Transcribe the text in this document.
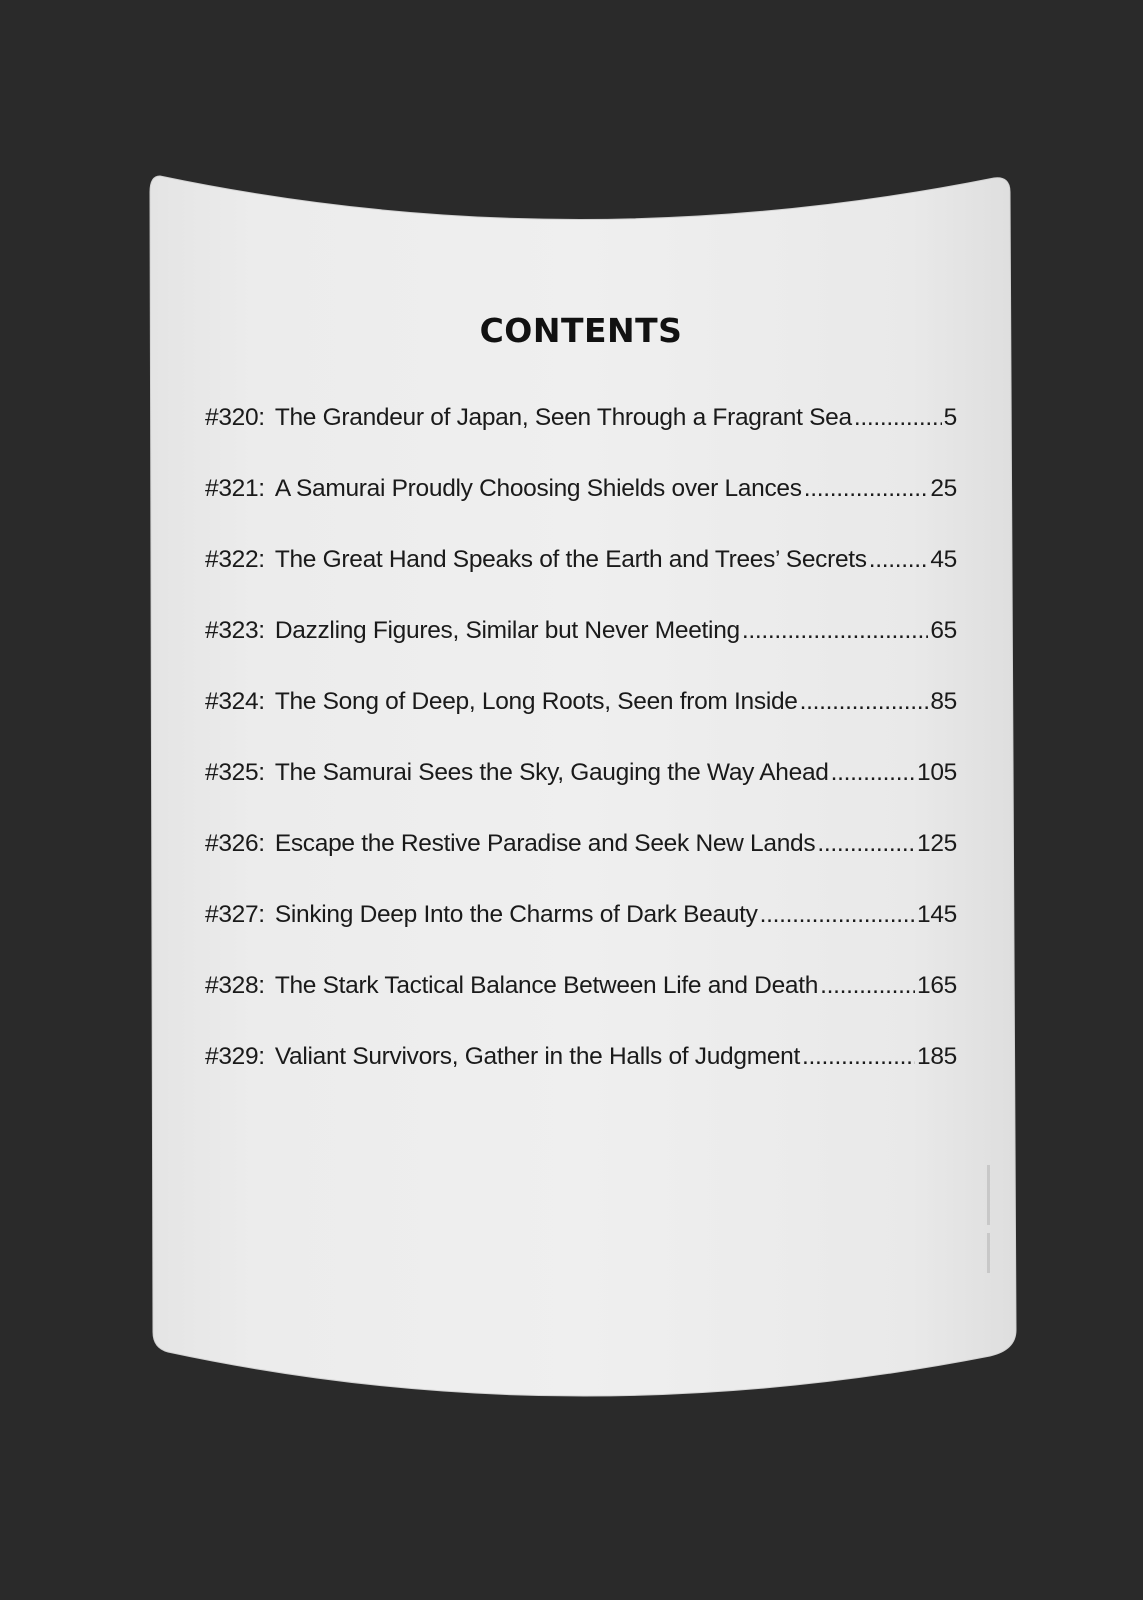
CONTENTS
#320: The Grandeur of Japan, Seen Through a Fragrant Sea .....	5
#321: A Samurai Proudly Choosing Shields over Lances .....	25
#322: The Great Hand Speaks of the Earth and Trees’ Secrets .....	45
#323: Dazzling Figures, Similar but Never Meeting .....	65
#324: The Song of Deep, Long Roots, Seen from Inside .....	85
#325: The Samurai Sees the Sky, Gauging the Way Ahead .....	105
#326: Escape the Restive Paradise and Seek New Lands .....	125
#327: Sinking Deep Into the Charms of Dark Beauty .....	145
#328: The Stark Tactical Balance Between Life and Death .....	165
#329: Valiant Survivors, Gather in the Halls of Judgment .....	185
